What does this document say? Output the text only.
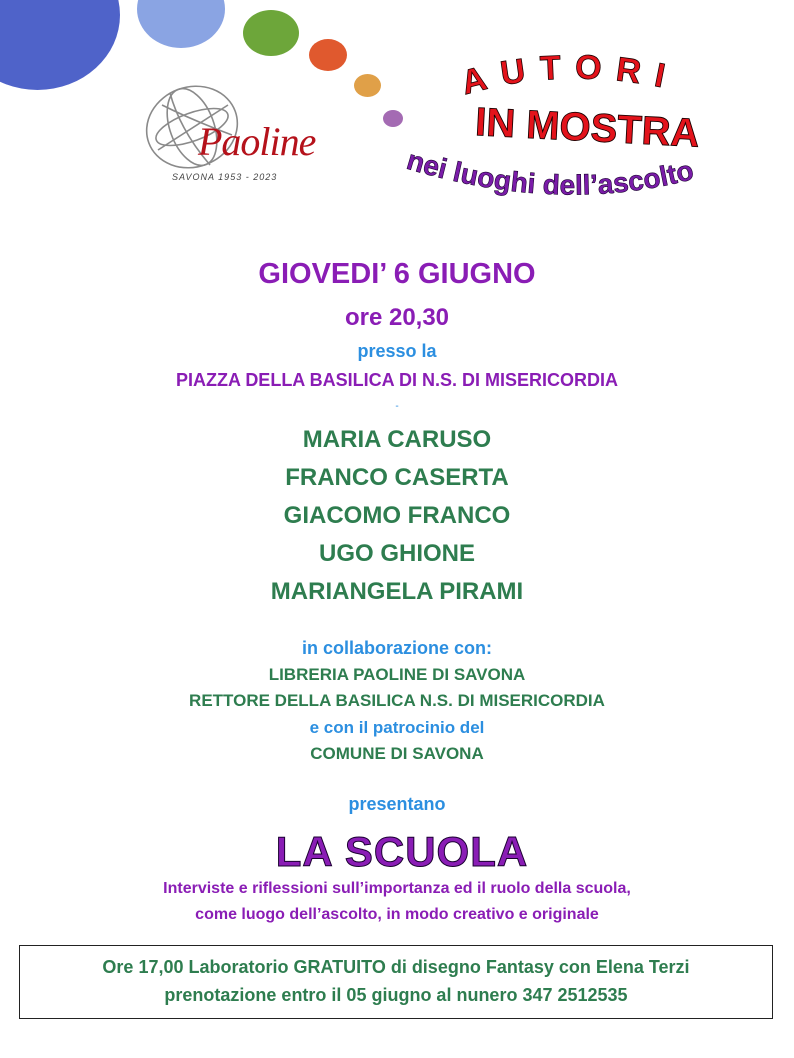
Paoline
SAVONA 1953 - 2023
AUTORI
IN MOSTRA
nei luoghi dell’ascolto
GIOVEDI’ 6 GIUGNO
ore 20,30
presso la
PIAZZA DELLA BASILICA DI N.S. DI MISERICORDIA
-
MARIA CARUSO
FRANCO CASERTA
GIACOMO FRANCO
UGO GHIONE
MARIANGELA PIRAMI
in collaborazione con:
LIBRERIA PAOLINE DI SAVONA
RETTORE DELLA BASILICA N.S. DI MISERICORDIA
e con il patrocinio del
COMUNE DI SAVONA
presentano
LA SCUOLA
Interviste e riflessioni sull’importanza ed il ruolo della scuola,
come luogo dell’ascolto, in modo creativo e originale
Ore 17,00 Laboratorio GRATUITO di disegno Fantasy con Elena Terzi
prenotazione entro il 05 giugno al nunero 347 2512535
